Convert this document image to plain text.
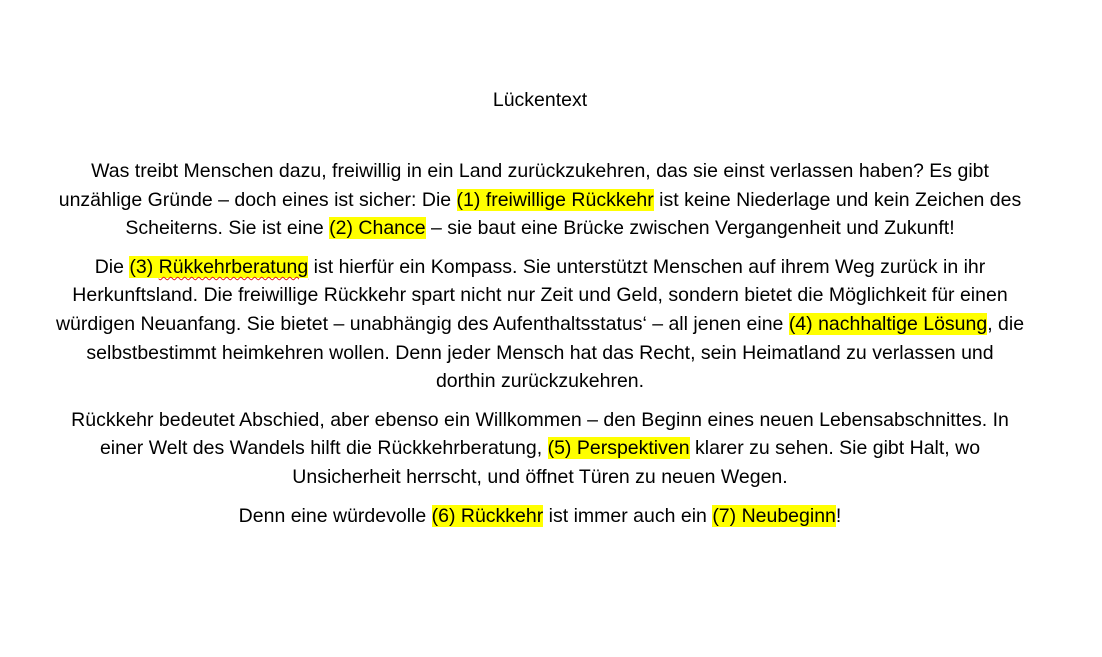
Lückentext

Was treibt Menschen dazu, freiwillig in ein Land zurückzukehren, das sie einst verlassen haben? Es gibt unzählige Gründe – doch eines ist sicher: Die (1) freiwillige Rückkehr ist keine Niederlage und kein Zeichen des Scheiterns. Sie ist eine (2) Chance – sie baut eine Brücke zwischen Vergangenheit und Zukunft!

Die (3) Rükkehrberatung ist hierfür ein Kompass. Sie unterstützt Menschen auf ihrem Weg zurück in ihr Herkunftsland. Die freiwillige Rückkehr spart nicht nur Zeit und Geld, sondern bietet die Möglichkeit für einen würdigen Neuanfang. Sie bietet – unabhängig des Aufenthaltsstatus‘ – all jenen eine (4) nachhaltige Lösung, die selbstbestimmt heimkehren wollen. Denn jeder Mensch hat das Recht, sein Heimatland zu verlassen und dorthin zurückzukehren.

Rückkehr bedeutet Abschied, aber ebenso ein Willkommen – den Beginn eines neuen Lebensabschnittes. In einer Welt des Wandels hilft die Rückkehrberatung, (5) Perspektiven klarer zu sehen. Sie gibt Halt, wo Unsicherheit herrscht, und öffnet Türen zu neuen Wegen.

Denn eine würdevolle (6) Rückkehr ist immer auch ein (7) Neubeginn!
